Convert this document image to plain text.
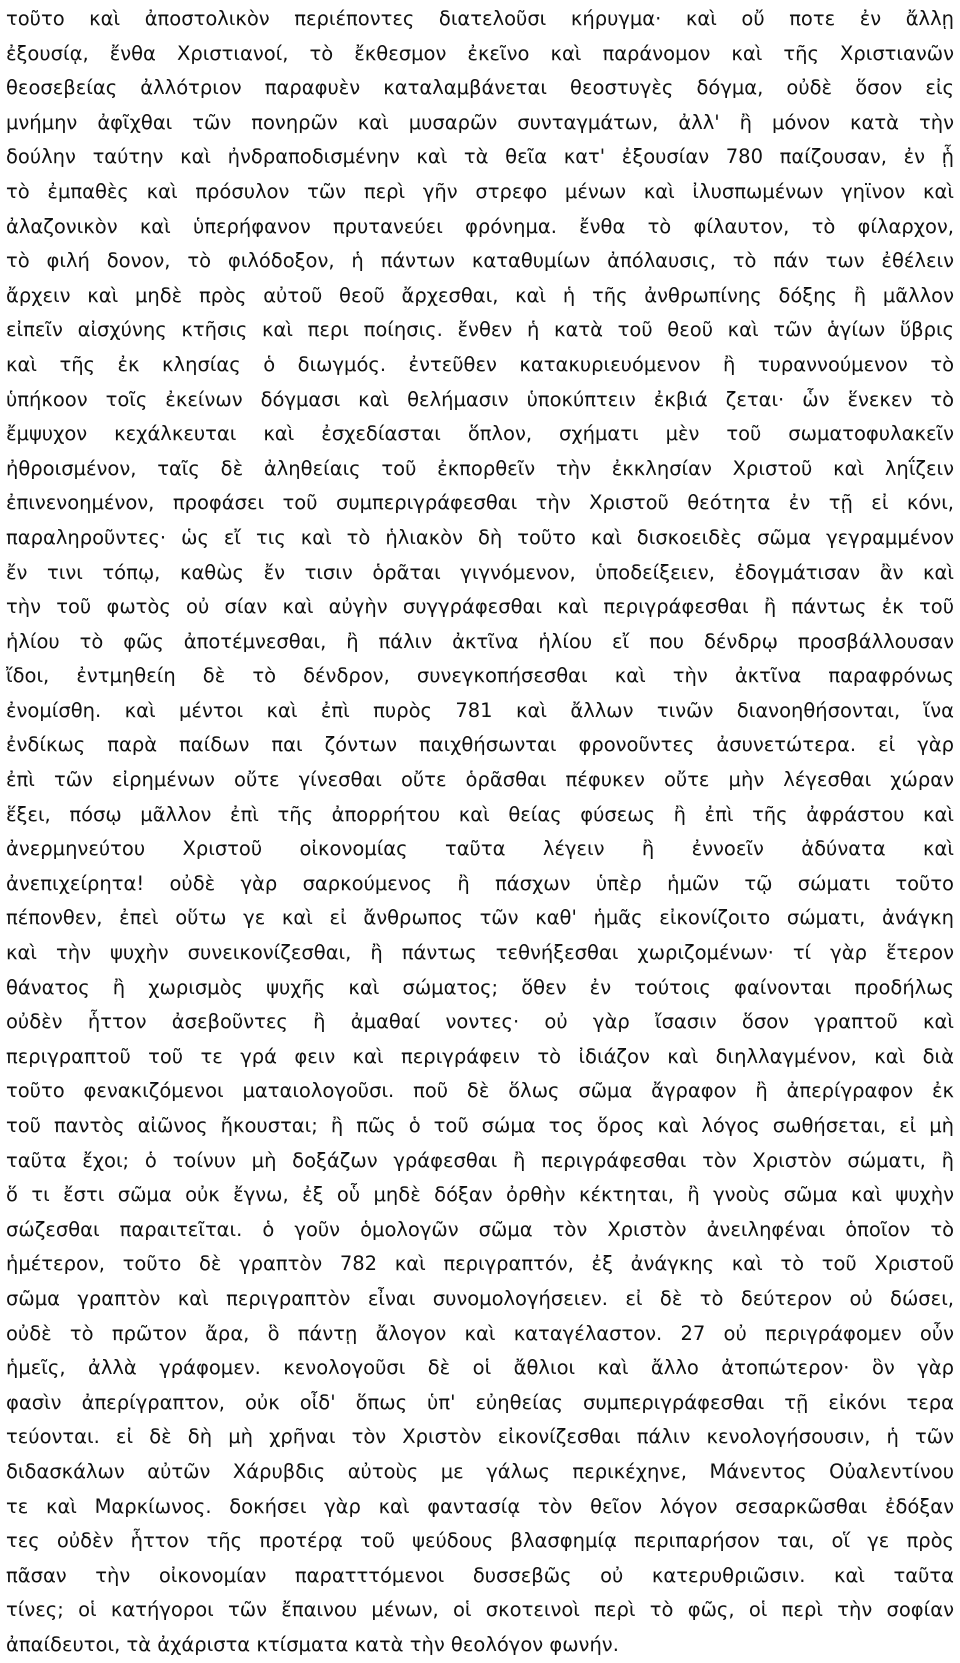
τοῦτο καὶ ἀποστολικὸν περιέποντες διατελοῦσι κήρυγμα· καὶ οὔ ποτε ἐν ἄλλῃ
ἐξουσίᾳ, ἔνθα Χριστιανοί, τὸ ἔκθεσμον ἐκεῖνο καὶ παράνομον καὶ τῆς Χριστιανῶν
θεοσεβείας ἀλλότριον παραφυὲν καταλαμβάνεται θεοστυγὲς δόγμα, οὐδὲ ὅσον εἰς
μνήμην ἀφῖχθαι τῶν πονηρῶν καὶ μυσαρῶν συνταγμάτων, ἀλλ' ἢ μόνον κατὰ τὴν
δούλην ταύτην καὶ ἠνδραποδισμένην καὶ τὰ θεῖα κατ' ἐξουσίαν 780 παίζουσαν, ἐν ᾗ
τὸ ἐμπαθὲς καὶ πρόσυλον τῶν περὶ γῆν στρεφο μένων καὶ ἰλυσπωμένων γηϊνον καὶ
ἀλαζονικὸν καὶ ὑπερήφανον πρυτανεύει φρόνημα. ἔνθα τὸ φίλαυτον, τὸ φίλαρχον,
τὸ φιλή δονον, τὸ φιλόδοξον, ἡ πάντων καταθυμίων ἀπόλαυσις, τὸ πάν των ἐθέλειν
ἄρχειν καὶ μηδὲ πρὸς αὐτοῦ θεοῦ ἄρχεσθαι, καὶ ἡ τῆς ἀνθρωπίνης δόξης ἢ μᾶλλον
εἰπεῖν αἰσχύνης κτῆσις καὶ περι ποίησις. ἔνθεν ἡ κατὰ τοῦ θεοῦ καὶ τῶν ἁγίων ὕβρις
καὶ τῆς ἐκ κλησίας ὁ διωγμός. ἐντεῦθεν κατακυριευόμενον ἢ τυραννούμενον τὸ
ὑπήκοον τοῖς ἐκείνων δόγμασι καὶ θελήμασιν ὑποκύπτειν ἐκβιά ζεται· ὧν ἕνεκεν τὸ
ἔμψυχον κεχάλκευται καὶ ἐσχεδίασται ὅπλον, σχήματι μὲν τοῦ σωματοφυλακεῖν
ἠθροισμένον, ταῖς δὲ ἀληθείαις τοῦ ἐκπορθεῖν τὴν ἐκκλησίαν Χριστοῦ καὶ ληΐζειν
ἐπινενοημένον, προφάσει τοῦ συμπεριγράφεσθαι τὴν Χριστοῦ θεότητα ἐν τῇ εἰ κόνι,
παραληροῦντες· ὡς εἴ τις καὶ τὸ ἡλιακὸν δὴ τοῦτο καὶ δισκοειδὲς σῶμα γεγραμμένον
ἔν τινι τόπῳ, καθὼς ἔν τισιν ὁρᾶται γιγνόμενον, ὑποδείξειεν, ἐδογμάτισαν ἂν καὶ
τὴν τοῦ φωτὸς οὐ σίαν καὶ αὐγὴν συγγράφεσθαι καὶ περιγράφεσθαι ἢ πάντως ἐκ τοῦ
ἡλίου τὸ φῶς ἀποτέμνεσθαι, ἢ πάλιν ἀκτῖνα ἡλίου εἴ που δένδρῳ προσβάλλουσαν
ἴδοι, ἐντμηθείη δὲ τὸ δένδρον, συνεγκοπήσεσθαι καὶ τὴν ἀκτῖνα παραφρόνως
ἐνομίσθη. καὶ μέντοι καὶ ἐπὶ πυρὸς 781 καὶ ἄλλων τινῶν διανοηθήσονται, ἵνα
ἐνδίκως παρὰ παίδων παι ζόντων παιχθήσωνται φρονοῦντες ἀσυνετώτερα. εἰ γὰρ
ἐπὶ τῶν εἰρημένων οὔτε γίνεσθαι οὔτε ὁρᾶσθαι πέφυκεν οὔτε μὴν λέγεσθαι χώραν
ἕξει, πόσῳ μᾶλλον ἐπὶ τῆς ἀπορρήτου καὶ θείας φύσεως ἢ ἐπὶ τῆς ἀφράστου καὶ
ἀνερμηνεύτου Χριστοῦ οἰκονομίας ταῦτα λέγειν ἢ ἐννοεῖν ἀδύνατα καὶ
ἀνεπιχείρητα! οὐδὲ γὰρ σαρκούμενος ἢ πάσχων ὑπὲρ ἡμῶν τῷ σώματι τοῦτο
πέπονθεν, ἐπεὶ οὕτω γε καὶ εἰ ἄνθρωπος τῶν καθ' ἡμᾶς εἰκονίζοιτο σώματι, ἀνάγκη
καὶ τὴν ψυχὴν συνεικονίζεσθαι, ἢ πάντως τεθνήξεσθαι χωριζομένων· τί γὰρ ἕτερον
θάνατος ἢ χωρισμὸς ψυχῆς καὶ σώματος; ὅθεν ἐν τούτοις φαίνονται προδήλως
οὐδὲν ἧττον ἀσεβοῦντες ἢ ἀμαθαί νοντες· οὐ γὰρ ἴσασιν ὅσον γραπτοῦ καὶ
περιγραπτοῦ τοῦ τε γρά φειν καὶ περιγράφειν τὸ ἰδιάζον καὶ διηλλαγμένον, καὶ διὰ
τοῦτο φενακιζόμενοι ματαιολογοῦσι. ποῦ δὲ ὅλως σῶμα ἄγραφον ἢ ἀπερίγραφον ἐκ
τοῦ παντὸς αἰῶνος ἤκουσται; ἢ πῶς ὁ τοῦ σώμα τος ὅρος καὶ λόγος σωθήσεται, εἰ μὴ
ταῦτα ἔχοι; ὁ τοίνυν μὴ δοξάζων γράφεσθαι ἢ περιγράφεσθαι τὸν Χριστὸν σώματι, ἢ
ὅ τι ἔστι σῶμα οὐκ ἔγνω, ἐξ οὗ μηδὲ δόξαν ὀρθὴν κέκτηται, ἢ γνοὺς σῶμα καὶ ψυχὴν
σώζεσθαι παραιτεῖται. ὁ γοῦν ὁμολογῶν σῶμα τὸν Χριστὸν ἀνειληφέναι ὁποῖον τὸ
ἡμέτερον, τοῦτο δὲ γραπτὸν 782 καὶ περιγραπτόν, ἐξ ἀνάγκης καὶ τὸ τοῦ Χριστοῦ
σῶμα γραπτὸν καὶ περιγραπτὸν εἶναι συνομολογήσειεν. εἰ δὲ τὸ δεύτερον οὐ δώσει,
οὐδὲ τὸ πρῶτον ἄρα, ὃ πάντῃ ἄλογον καὶ καταγέλαστον. 27 οὐ περιγράφομεν οὖν
ἡμεῖς, ἀλλὰ γράφομεν. κενολογοῦσι δὲ οἱ ἄθλιοι καὶ ἄλλο ἀτοπώτερον· ὃν γὰρ
φασὶν ἀπερίγραπτον, οὐκ οἶδ' ὅπως ὑπ' εὐηθείας συμπεριγράφεσθαι τῇ εἰκόνι τερα
τεύονται. εἰ δὲ δὴ μὴ χρῆναι τὸν Χριστὸν εἰκονίζεσθαι πάλιν κενολογήσουσιν, ἡ τῶν
διδασκάλων αὐτῶν Χάρυβδις αὐτοὺς με γάλως περικέχηνε, Μάνεντος Οὐαλεντίνου
τε καὶ Μαρκίωνος. δοκήσει γὰρ καὶ φαντασίᾳ τὸν θεῖον λόγον σεσαρκῶσθαι ἐδόξαν
τες οὐδὲν ἧττον τῆς προτέρᾳ τοῦ ψεύδους βλασφημίᾳ περιπαρήσον ται, οἵ γε πρὸς
πᾶσαν τὴν οἰκονομίαν παρατττόμενοι δυσσεβῶς οὐ κατερυθριῶσιν. καὶ ταῦτα
τίνες; οἱ κατήγοροι τῶν ἔπαινου μένων, οἱ σκοτεινοὶ περὶ τὸ φῶς, οἱ περὶ τὴν σοφίαν
ἀπαίδευτοι, τὰ ἀχάριστα κτίσματα κατὰ τὴν θεολόγον φωνήν.
